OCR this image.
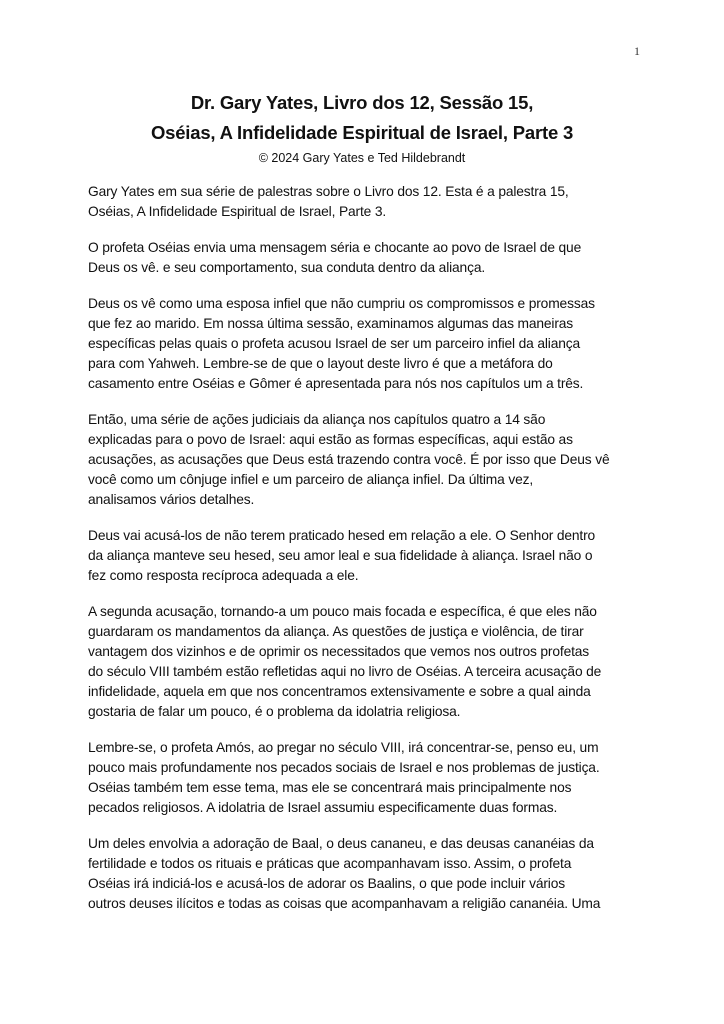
1
Dr. Gary Yates, Livro dos 12, Sessão 15,
Oséias, A Infidelidade Espiritual de Israel, Parte 3
© 2024 Gary Yates e Ted Hildebrandt
Gary Yates em sua série de palestras sobre o Livro dos 12. Esta é a palestra 15,
Oséias, A Infidelidade Espiritual de Israel, Parte 3.
O profeta Oséias envia uma mensagem séria e chocante ao povo de Israel de que
Deus os vê. e seu comportamento, sua conduta dentro da aliança.
Deus os vê como uma esposa infiel que não cumpriu os compromissos e promessas
que fez ao marido. Em nossa última sessão, examinamos algumas das maneiras
específicas pelas quais o profeta acusou Israel de ser um parceiro infiel da aliança
para com Yahweh. Lembre-se de que o layout deste livro é que a metáfora do
casamento entre Oséias e Gômer é apresentada para nós nos capítulos um a três.
Então, uma série de ações judiciais da aliança nos capítulos quatro a 14 são
explicadas para o povo de Israel: aqui estão as formas específicas, aqui estão as
acusações, as acusações que Deus está trazendo contra você. É por isso que Deus vê
você como um cônjuge infiel e um parceiro de aliança infiel. Da última vez,
analisamos vários detalhes.
Deus vai acusá-los de não terem praticado hesed em relação a ele. O Senhor dentro
da aliança manteve seu hesed, seu amor leal e sua fidelidade à aliança. Israel não o
fez como resposta recíproca adequada a ele.
A segunda acusação, tornando-a um pouco mais focada e específica, é que eles não
guardaram os mandamentos da aliança. As questões de justiça e violência, de tirar
vantagem dos vizinhos e de oprimir os necessitados que vemos nos outros profetas
do século VIII também estão refletidas aqui no livro de Oséias. A terceira acusação de
infidelidade, aquela em que nos concentramos extensivamente e sobre a qual ainda
gostaria de falar um pouco, é o problema da idolatria religiosa.
Lembre-se, o profeta Amós, ao pregar no século VIII, irá concentrar-se, penso eu, um
pouco mais profundamente nos pecados sociais de Israel e nos problemas de justiça.
Oséias também tem esse tema, mas ele se concentrará mais principalmente nos
pecados religiosos. A idolatria de Israel assumiu especificamente duas formas.
Um deles envolvia a adoração de Baal, o deus cananeu, e das deusas cananéias da
fertilidade e todos os rituais e práticas que acompanhavam isso. Assim, o profeta
Oséias irá indiciá-los e acusá-los de adorar os Baalins, o que pode incluir vários
outros deuses ilícitos e todas as coisas que acompanhavam a religião cananéia. Uma
